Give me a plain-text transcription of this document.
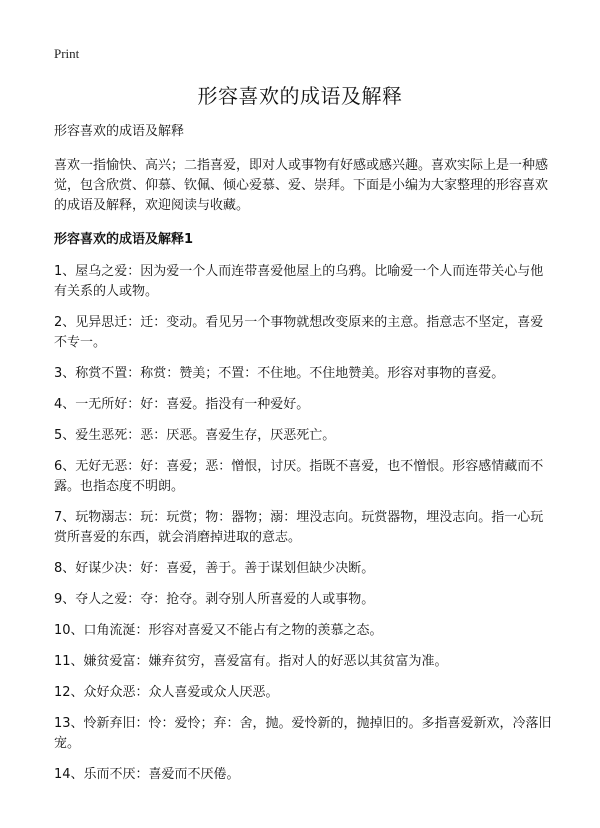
Print
形容喜欢的成语及解释

形容喜欢的成语及解释

喜欢一指愉快、高兴；二指喜爱，即对人或事物有好感或感兴趣。喜欢实际上是一种感觉，包含欣赏、仰慕、钦佩、倾心爱慕、爱、崇拜。下面是小编为大家整理的形容喜欢的成语及解释，欢迎阅读与收藏。

形容喜欢的成语及解释1

1、屋乌之爱：因为爱一个人而连带喜爱他屋上的乌鸦。比喻爱一个人而连带关心与他有关系的人或物。
2、见异思迁：迁：变动。看见另一个事物就想改变原来的主意。指意志不坚定，喜爱不专一。
3、称赏不置：称赏：赞美；不置：不住地。不住地赞美。形容对事物的喜爱。
4、一无所好：好：喜爱。指没有一种爱好。
5、爱生恶死：恶：厌恶。喜爱生存，厌恶死亡。
6、无好无恶：好：喜爱；恶：憎恨，讨厌。指既不喜爱，也不憎恨。形容感情藏而不露。也指态度不明朗。
7、玩物溺志：玩：玩赏；物：器物；溺：埋没志向。玩赏器物，埋没志向。指一心玩赏所喜爱的东西，就会消磨掉进取的意志。
8、好谋少决：好：喜爱，善于。善于谋划但缺少决断。
9、夺人之爱：夺：抢夺。剥夺别人所喜爱的人或事物。
10、口角流涎：形容对喜爱又不能占有之物的羡慕之态。
11、嫌贫爱富：嫌弃贫穷，喜爱富有。指对人的好恶以其贫富为准。
12、众好众恶：众人喜爱或众人厌恶。
13、怜新弃旧：怜：爱怜；弃：舍，抛。爱怜新的，抛掉旧的。多指喜爱新欢，冷落旧宠。
14、乐而不厌：喜爱而不厌倦。
